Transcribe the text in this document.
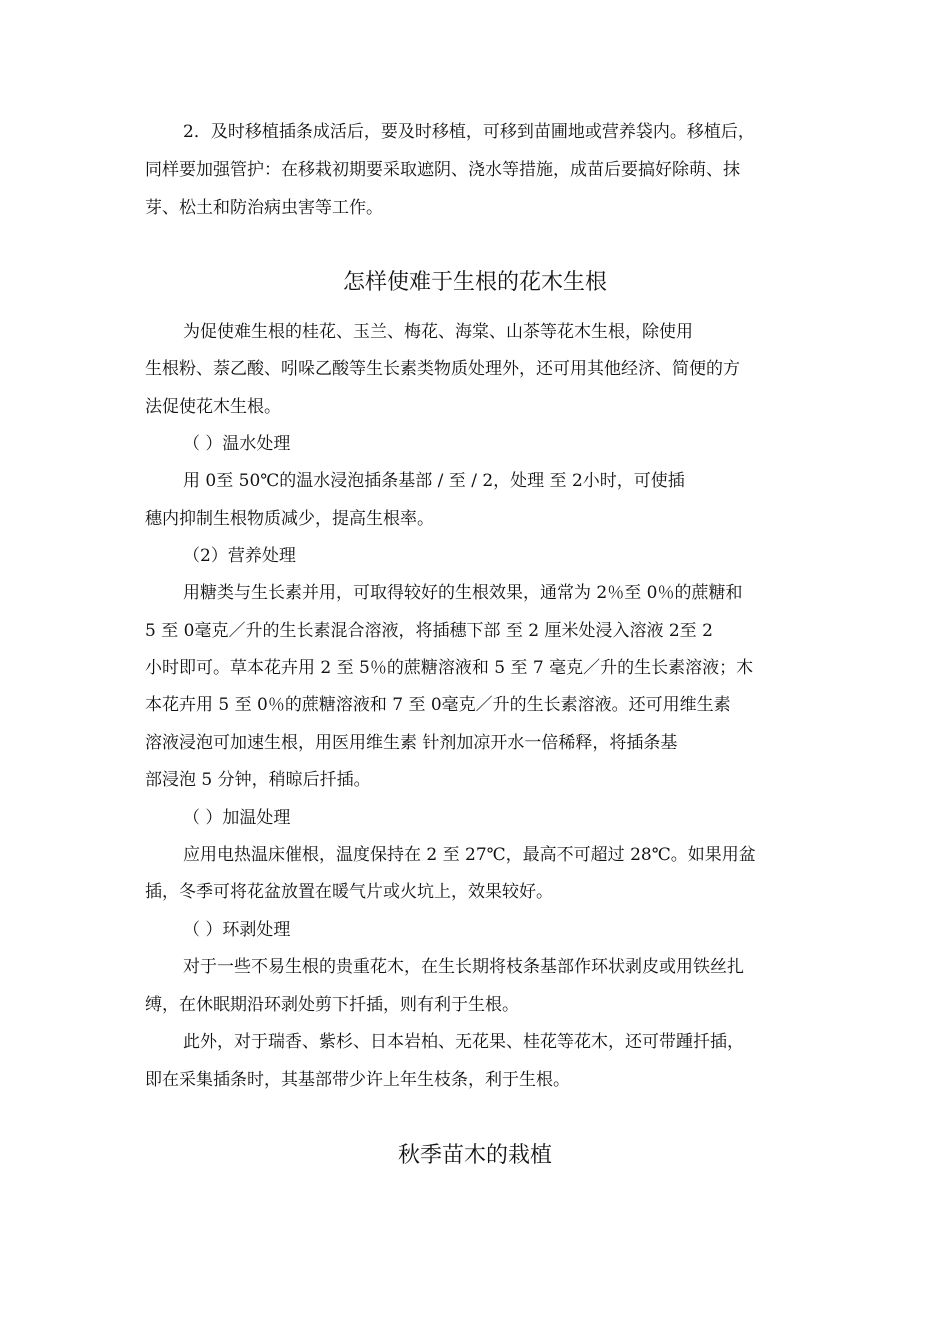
2．及时移植插条成活后，要及时移植，可移到苗圃地或营养袋内。移植后，
同样要加强管护：在移栽初期要采取遮阴、浇水等措施，成苗后要搞好除萌、抹
芽、松土和防治病虫害等工作。
怎样使难于生根的花木生根
为促使难生根的桂花、玉兰、梅花、海棠、山茶等花木生根，除使用
生根粉、萘乙酸、吲哚乙酸等生长素类物质处理外，还可用其他经济、简便的方
法促使花木生根。
（ ）温水处理
用 0至 50℃的温水浸泡插条基部 / 至 / 2，处理 至 2小时，可使插
穗内抑制生根物质减少，提高生根率。
（2）营养处理
用糖类与生长素并用，可取得较好的生根效果，通常为 2％至 0％的蔗糖和
5 至 0毫克／升的生长素混合溶液，将插穗下部 至 2 厘米处浸入溶液 2至 2
小时即可。草本花卉用 2 至 5％的蔗糖溶液和 5 至 7 毫克／升的生长素溶液；木
本花卉用 5 至 0％的蔗糖溶液和 7 至 0毫克／升的生长素溶液。还可用维生素
溶液浸泡可加速生根，用医用维生素 针剂加凉开水一倍稀释，将插条基
部浸泡 5 分钟，稍晾后扦插。
（ ）加温处理
应用电热温床催根，温度保持在 2 至 27℃，最高不可超过 28℃。如果用盆
插，冬季可将花盆放置在暖气片或火坑上，效果较好。
（ ）环剥处理
对于一些不易生根的贵重花木，在生长期将枝条基部作环状剥皮或用铁丝扎
缚，在休眠期沿环剥处剪下扦插，则有利于生根。
此外，对于瑞香、紫杉、日本岩柏、无花果、桂花等花木，还可带踵扦插，
即在采集插条时，其基部带少许上年生枝条，利于生根。
秋季苗木的栽植
